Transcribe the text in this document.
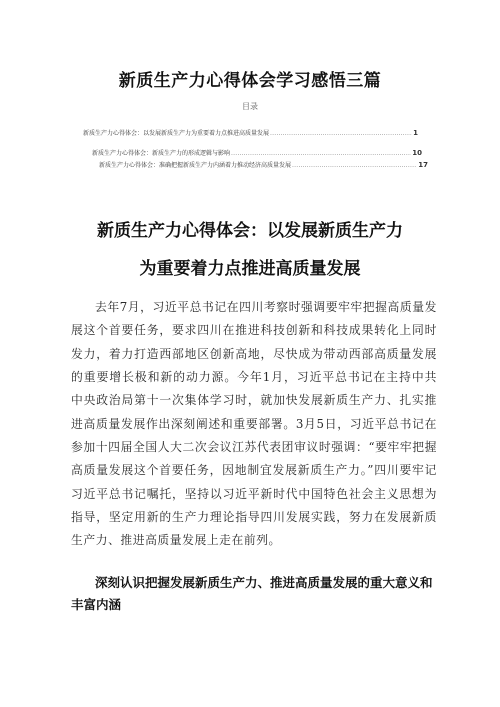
新质生产力心得体会学习感悟三篇
目录
新质生产力心得体会：以发展新质生产力为重要着力点推进高质量发展 .....	1
新质生产力心得体会：新质生产力的形成逻辑与影响 .....	10
新质生产力心得体会：准确把握新质生产力内涵着力推动经济高质量发展 .....	17
新质生产力心得体会：以发展新质生产力
为重要着力点推进高质量发展

去年7月，习近平总书记在四川考察时强调要牢牢把握高质量发展这个首要任务，要求四川在推进科技创新和科技成果转化上同时发力，着力打造西部地区创新高地，尽快成为带动西部高质量发展的重要增长极和新的动力源。今年1月，习近平总书记在主持中共中央政治局第十一次集体学习时，就加快发展新质生产力、扎实推进高质量发展作出深刻阐述和重要部署。3月5日，习近平总书记在参加十四届全国人大二次会议江苏代表团审议时强调：“要牢牢把握高质量发展这个首要任务，因地制宜发展新质生产力。”四川要牢记习近平总书记嘱托，坚持以习近平新时代中国特色社会主义思想为指导，坚定用新的生产力理论指导四川发展实践，努力在发展新质生产力、推进高质量发展上走在前列。

深刻认识把握发展新质生产力、推进高质量发展的重大意义和丰富内涵
